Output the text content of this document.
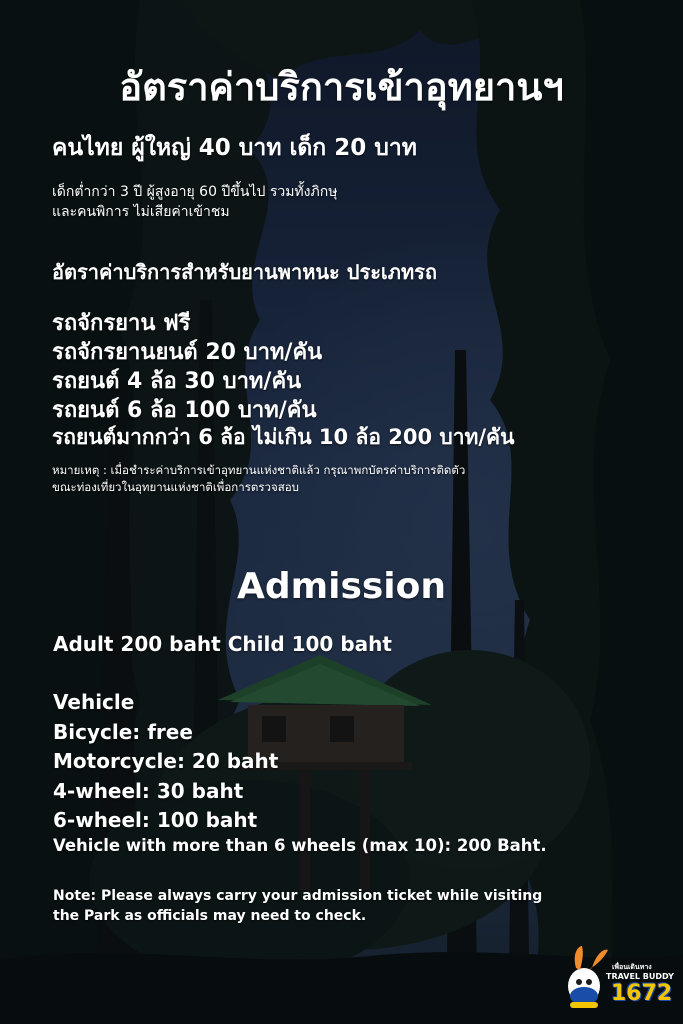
อัตราค่าบริการเข้าอุทยานฯ
คนไทย ผู้ใหญ่ 40 บาท เด็ก 20 บาท
เด็กต่ำกว่า 3 ปี ผู้สูงอายุ 60 ปีขึ้นไป รวมทั้งภิกษุ
และคนพิการ ไม่เสียค่าเข้าชม
อัตราค่าบริการสำหรับยานพาหนะ ประเภทรถ
รถจักรยาน ฟรี
รถจักรยานยนต์ 20 บาท/คัน
รถยนต์ 4 ล้อ 30 บาท/คัน
รถยนต์ 6 ล้อ 100 บาท/คัน
รถยนต์มากกว่า 6 ล้อ ไม่เกิน 10 ล้อ 200 บาท/คัน
หมายเหตุ : เมื่อชำระค่าบริการเข้าอุทยานแห่งชาติแล้ว กรุณาพกบัตรค่าบริการติดตัว
ขณะท่องเที่ยวในอุทยานแห่งชาติเพื่อการตรวจสอบ
Admission
Adult 200 baht Child 100 baht
Vehicle
Bicycle: free
Motorcycle: 20 baht
4-wheel: 30 baht
6-wheel: 100 baht
Vehicle with more than 6 wheels (max 10): 200 Baht.
Note: Please always carry your admission ticket while visiting
the Park as officials may need to check.
เพื่อนเดินทาง
TRAVEL BUDDY
1672
